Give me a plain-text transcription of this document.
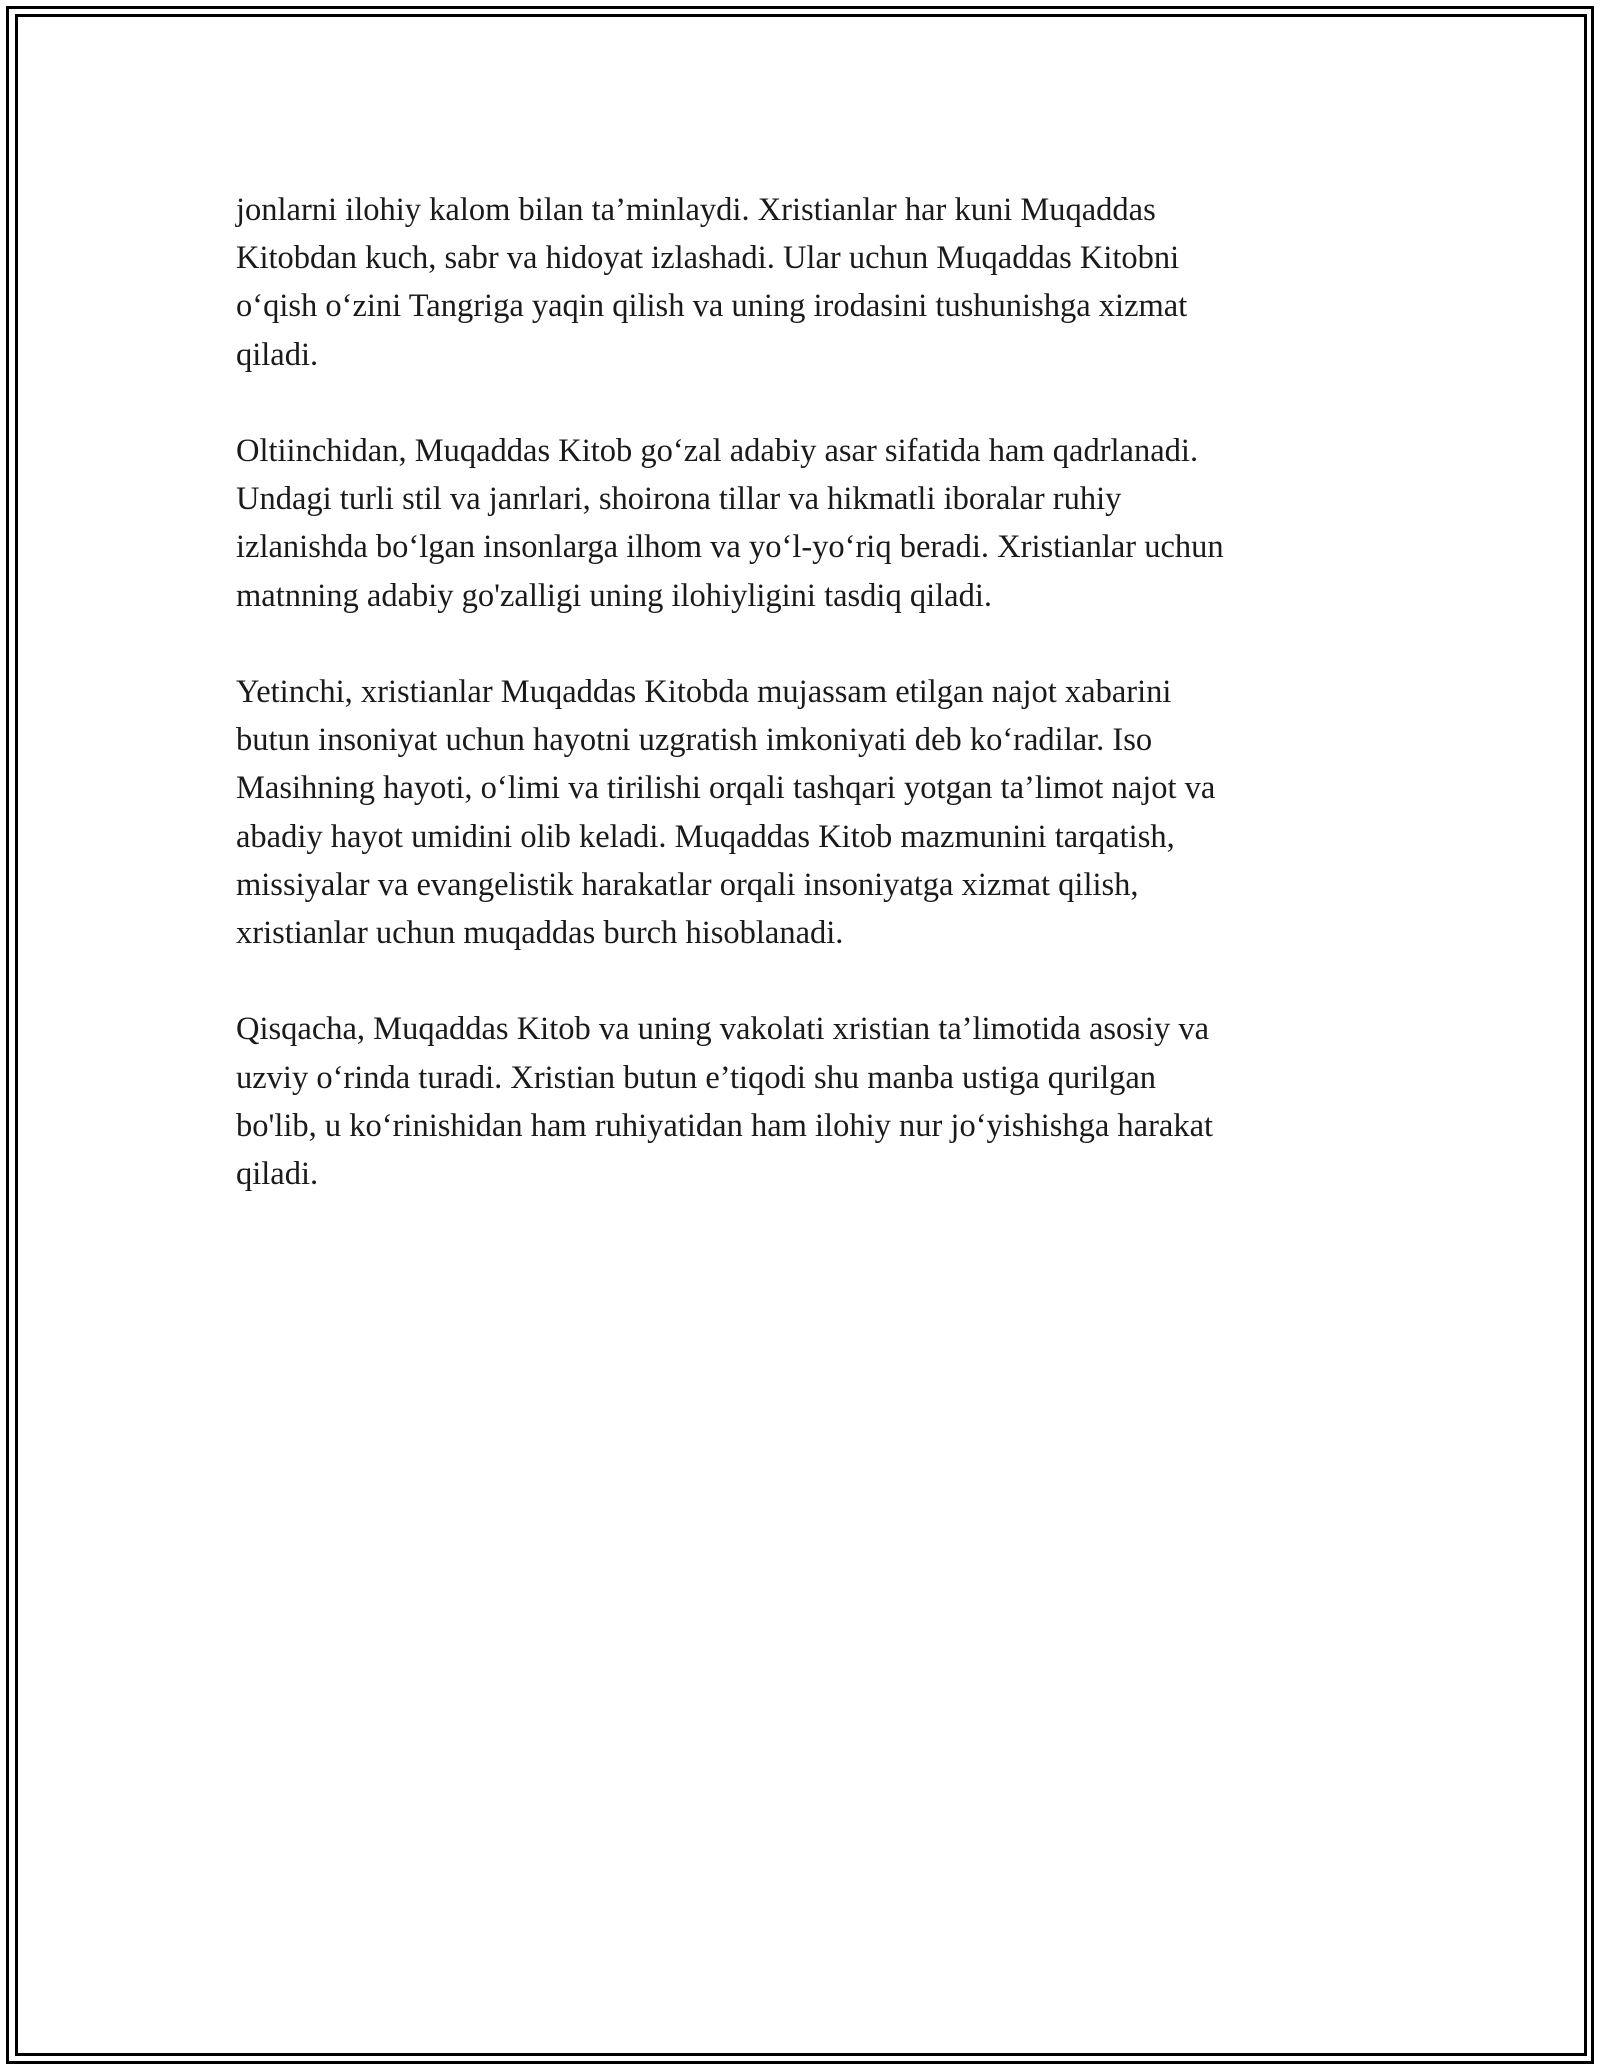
jonlarni ilohiy kalom bilan ta’minlaydi. Xristianlar har kuni Muqaddas
Kitobdan kuch, sabr va hidoyat izlashadi. Ular uchun Muqaddas Kitobni
o‘qish o‘zini Tangriga yaqin qilish va uning irodasini tushunishga xizmat
qiladi.

Oltiinchidan, Muqaddas Kitob go‘zal adabiy asar sifatida ham qadrlanadi.
Undagi turli stil va janrlari, shoirona tillar va hikmatli iboralar ruhiy
izlanishda bo‘lgan insonlarga ilhom va yo‘l-yo‘riq beradi. Xristianlar uchun
matnning adabiy go'zalligi uning ilohiyligini tasdiq qiladi.

Yetinchi, xristianlar Muqaddas Kitobda mujassam etilgan najot xabarini
butun insoniyat uchun hayotni uzgratish imkoniyati deb ko‘radilar. Iso
Masihning hayoti, o‘limi va tirilishi orqali tashqari yotgan ta’limot najot va
abadiy hayot umidini olib keladi. Muqaddas Kitob mazmunini tarqatish,
missiyalar va evangelistik harakatlar orqali insoniyatga xizmat qilish,
xristianlar uchun muqaddas burch hisoblanadi.

Qisqacha, Muqaddas Kitob va uning vakolati xristian ta’limotida asosiy va
uzviy o‘rinda turadi. Xristian butun e’tiqodi shu manba ustiga qurilgan
bo'lib, u ko‘rinishidan ham ruhiyatidan ham ilohiy nur jo‘yishishga harakat
qiladi.
